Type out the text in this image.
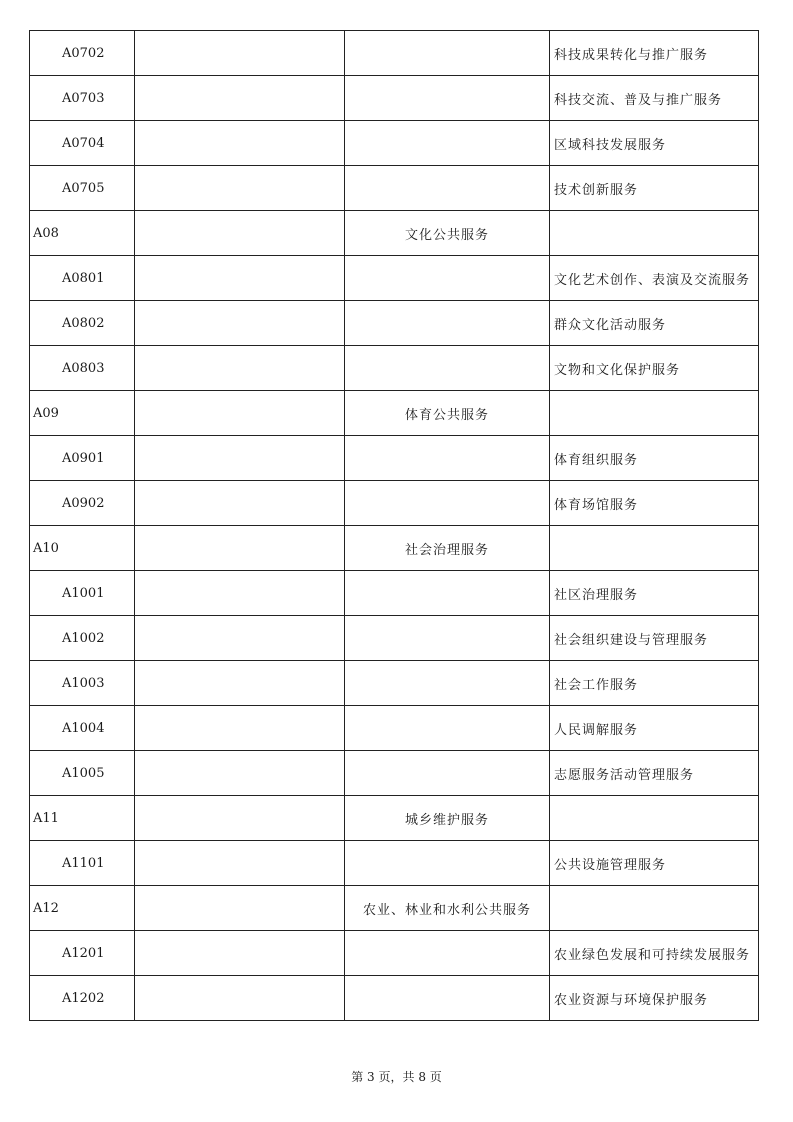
A0702			科技成果转化与推广服务
A0703			科技交流、普及与推广服务
A0704			区域科技发展服务
A0705			技术创新服务
A08		文化公共服务	
A0801			文化艺术创作、表演及交流服务
A0802			群众文化活动服务
A0803			文物和文化保护服务
A09		体育公共服务	
A0901			体育组织服务
A0902			体育场馆服务
A10		社会治理服务	
A1001			社区治理服务
A1002			社会组织建设与管理服务
A1003			社会工作服务
A1004			人民调解服务
A1005			志愿服务活动管理服务
A11		城乡维护服务	
A1101			公共设施管理服务
A12		农业、林业和水利公共服务	
A1201			农业绿色发展和可持续发展服务
A1202			农业资源与环境保护服务
第 3 页，共 8 页
